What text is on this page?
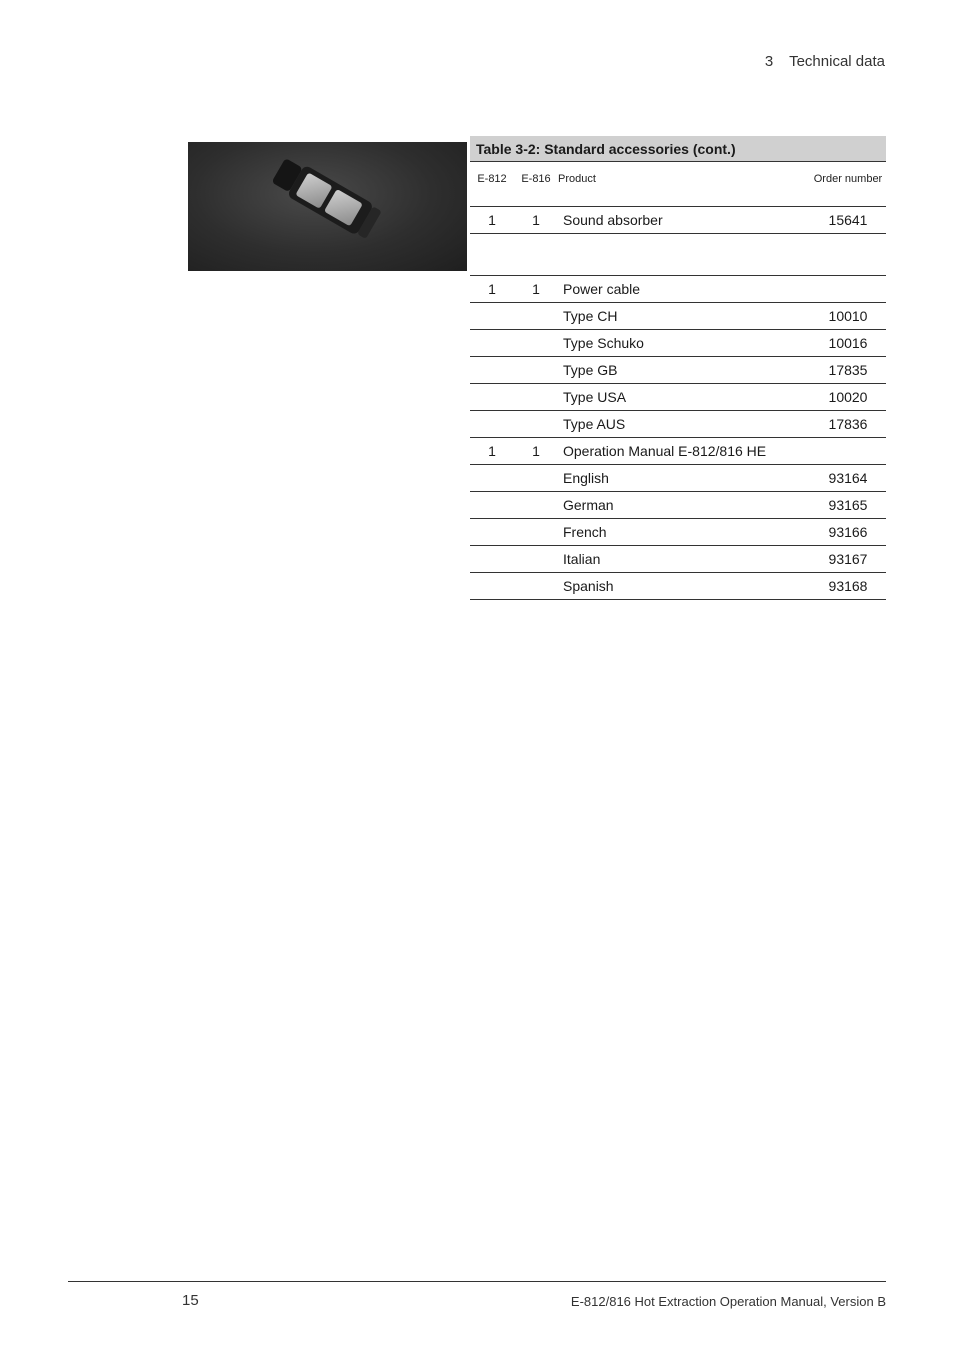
3 Technical data
Table 3-2: Standard accessories (cont.)			
E-812	E-816	Product	Order number
1	1	Sound absorber	15641

1	1	Power cable	
		Type CH	10010
		Type Schuko	10016
		Type GB	17835
		Type USA	10020
		Type AUS	17836
1	1	Operation Manual E-812/816 HE	
		English	93164
		German	93165
		French	93166
		Italian	93167
		Spanish	93168
15	E-812/816 Hot Extraction Operation Manual, Version B
